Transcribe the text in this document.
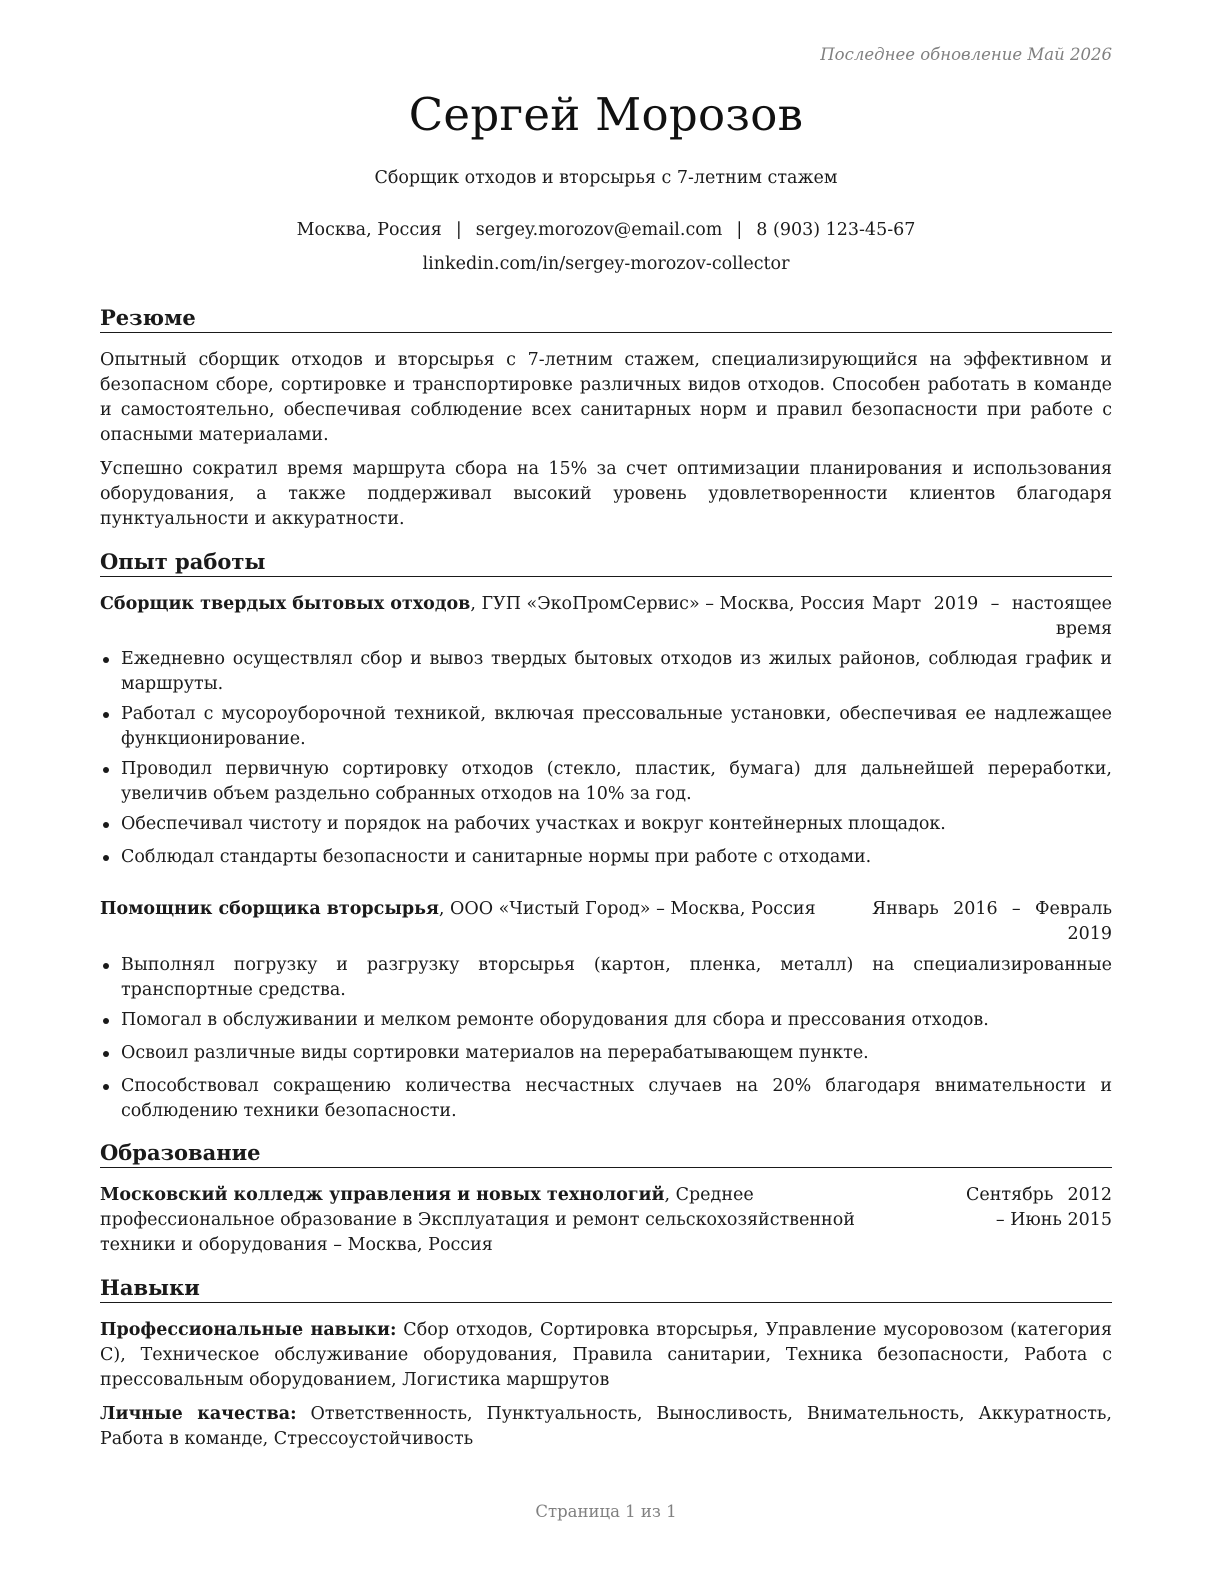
Последнее обновление Май 2026
Сергей Морозов
Сборщик отходов и вторсырья с 7-летним стажем
Москва, Россия | sergey.morozov@email.com | 8 (903) 123-45-67
linkedin.com/in/sergey-morozov-collector
Резюме
Опытный сборщик отходов и вторсырья с 7-летним стажем, специализирующийся на эффективном и безопасном сборе, сортировке и транспортировке различных видов отходов. Способен работать в команде и самостоятельно, обеспечивая соблюдение всех санитарных норм и правил безопасности при работе с опасными материалами.
Успешно сократил время маршрута сбора на 15% за счет оптимизации планирования и использования оборудования, а также поддерживал высокий уровень удовлетворенности клиентов благодаря пунктуальности и аккуратности.
Опыт работы
Сборщик твердых бытовых отходов, ГУП «ЭкоПромСервис» – Москва, Россия Март 2019 – настоящее время
Ежедневно осуществлял сбор и вывоз твердых бытовых отходов из жилых районов, соблюдая график и маршруты.
Работал с мусороуборочной техникой, включая прессовальные установки, обеспечивая ее надлежащее функционирование.
Проводил первичную сортировку отходов (стекло, пластик, бумага) для дальнейшей переработки, увеличив объем раздельно собранных отходов на 10% за год.
Обеспечивал чистоту и порядок на рабочих участках и вокруг контейнерных площадок.
Соблюдал стандарты безопасности и санитарные нормы при работе с отходами.
Помощник сборщика вторсырья, ООО «Чистый Город» – Москва, Россия	Январь 2016 – Февраль 2019
Выполнял погрузку и разгрузку вторсырья (картон, пленка, металл) на специализированные транспортные средства.
Помогал в обслуживании и мелком ремонте оборудования для сбора и прессования отходов.
Освоил различные виды сортировки материалов на перерабатывающем пункте.
Способствовал сокращению количества несчастных случаев на 20% благодаря внимательности и соблюдению техники безопасности.
Образование
Московский колледж управления и новых технологий, Среднее профессиональное образование в Эксплуатация и ремонт сельскохозяйственной техники и оборудования – Москва, Россия
Сентябрь 2012 – Июнь 2015
Навыки
Профессиональные навыки: Сбор отходов, Сортировка вторсырья, Управление мусоровозом (категория C), Техническое обслуживание оборудования, Правила санитарии, Техника безопасности, Работа с прессовальным оборудованием, Логистика маршрутов
Личные качества: Ответственность, Пунктуальность, Выносливость, Внимательность, Аккуратность, Работа в команде, Стрессоустойчивость
Страница 1 из 1
